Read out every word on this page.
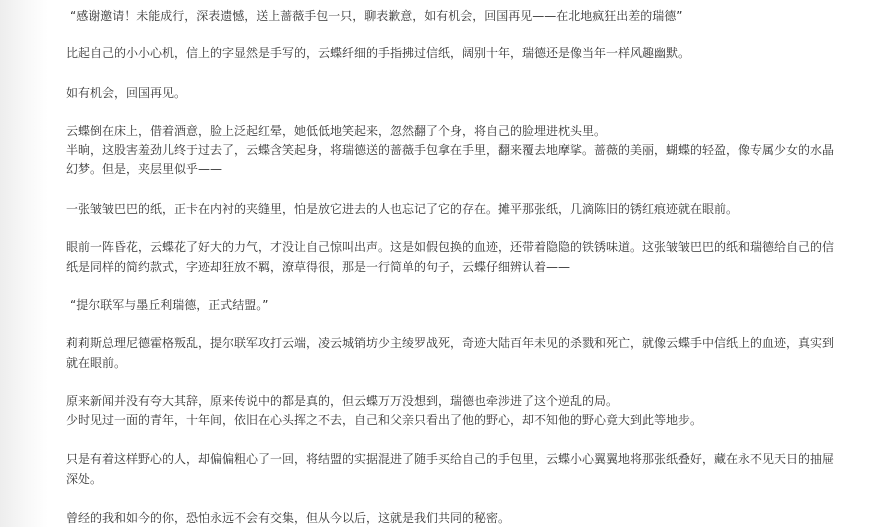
“感谢邀请！未能成行，深表遗憾，送上蔷薇手包一只，聊表歉意，如有机会，回国再见——在北地疯狂出差的瑞德”
比起自己的小小心机，信上的字显然是手写的，云蝶纤细的手指拂过信纸，阔别十年，瑞德还是像当年一样风趣幽默。
如有机会，回国再见。
云蝶倒在床上，借着酒意，脸上泛起红晕，她低低地笑起来，忽然翻了个身，将自己的脸埋进枕头里。
半晌，这股害羞劲儿终于过去了，云蝶含笑起身，将瑞德送的蔷薇手包拿在手里，翻来覆去地摩挲。蔷薇的美丽，蝴蝶的轻盈，像专属少女的水晶
幻梦。但是，夹层里似乎——
一张皱皱巴巴的纸，正卡在内衬的夹缝里，怕是放它进去的人也忘记了它的存在。摊平那张纸，几滴陈旧的锈红痕迹就在眼前。
眼前一阵昏花，云蝶花了好大的力气，才没让自己惊叫出声。这是如假包换的血迹，还带着隐隐的铁锈味道。这张皱皱巴巴的纸和瑞德给自己的信
纸是同样的简约款式，字迹却狂放不羁，潦草得很，那是一行简单的句子，云蝶仔细辨认着——
“提尔联军与墨丘利瑞德，正式结盟。”
莉莉斯总理尼德霍格叛乱，提尔联军攻打云端，凌云城销坊少主绫罗战死，奇迹大陆百年未见的杀戮和死亡，就像云蝶手中信纸上的血迹，真实到
就在眼前。
原来新闻并没有夸大其辞，原来传说中的都是真的，但云蝶万万没想到，瑞德也牵涉进了这个逆乱的局。
少时见过一面的青年，十年间，依旧在心头挥之不去，自己和父亲只看出了他的野心，却不知他的野心竟大到此等地步。
只是有着这样野心的人，却偏偏粗心了一回，将结盟的实据混进了随手买给自己的手包里，云蝶小心翼翼地将那张纸叠好，藏在永不见天日的抽屉
深处。
曾经的我和如今的你，恐怕永远不会有交集，但从今以后，这就是我们共同的秘密。
